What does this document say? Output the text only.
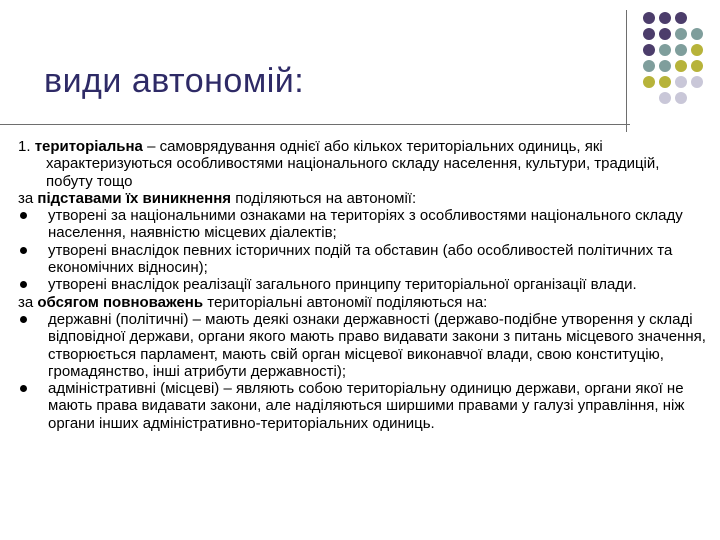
види автономій:

1. територіальна – самоврядування однієї або кількох територіальних одиниць, які характеризуються особливостями національного складу населення, культури, традицій, побуту тощо

за підставами їх виникнення поділяються на автономії:

утворені за національними ознаками на територіях з особливостями національного складу населення, наявністю місцевих діалектів;

утворені внаслідок певних історичних подій та обставин (або особливостей політичних та економічних відносин);

утворені внаслідок реалізації загального принципу територіальної організації влади.

за обсягом повноважень територіальні автономії поділяються на:

державні (політичні) – мають деякі ознаки державності (державо-подібне утворення у складі відповідної держави, органи якого мають право видавати закони з питань місцевого значення, створюється парламент, мають свій орган місцевої виконавчої влади, свою конституцію, громадянство, інші атрибути державності);

адміністративні (місцеві) – являють собою територіальну одиницю держави, органи якої не мають права видавати закони, але наділяються ширшими правами у галузі управління, ніж органи інших адміністративно-територіальних одиниць.
